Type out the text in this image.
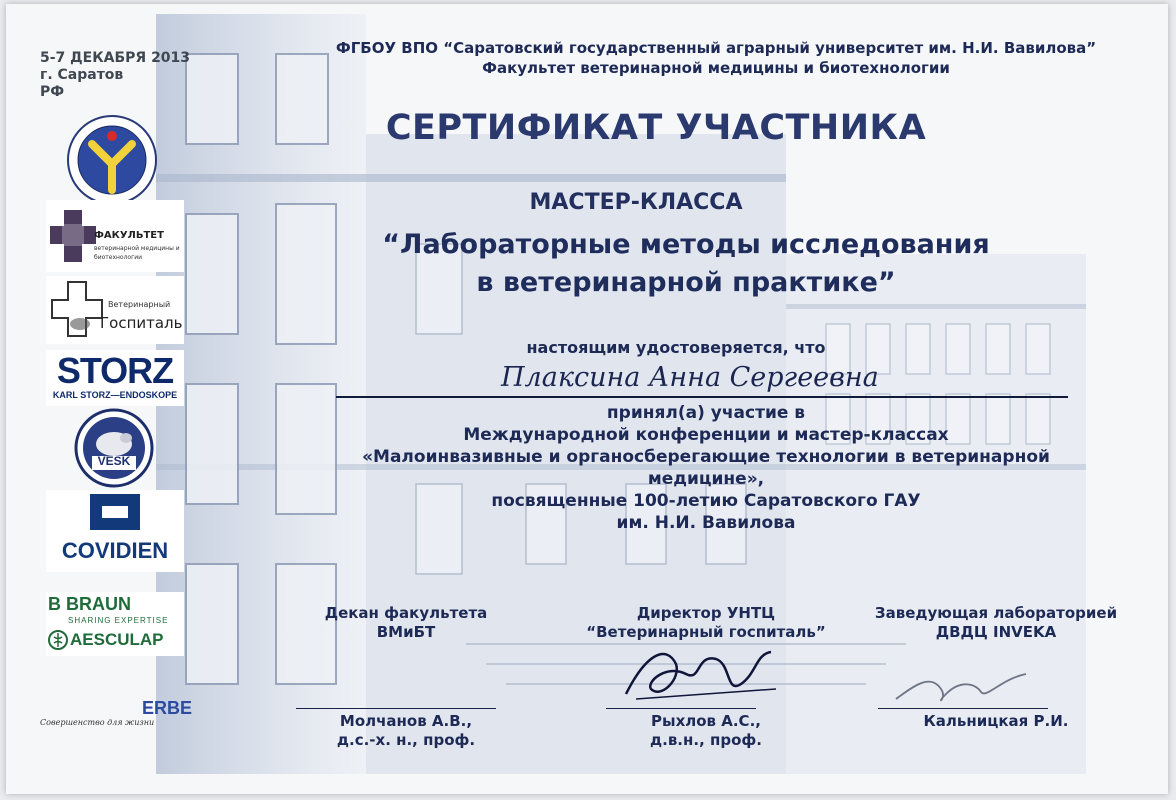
5-7 ДЕКАБРЯ 2013
г. Саратов
РФ
ФАКУЛЬТЕТ
ветеринарной медицины и
биотехнологии
Ветеринарный
Госпиталь
STORZ
KARL STORZ—ENDOSKOPE
VESK
COVIDIEN
B BRAUN
SHARING EXPERTISE
AESCULAP
Совершенство для жизни
ERBE
ФГБОУ ВПО “Саратовский государственный аграрный университет им. Н.И. Вавилова”
Факультет ветеринарной медицины и биотехнологии
СЕРТИФИКАТ УЧАСТНИКА
МАСТЕР-КЛАССА
“Лабораторные методы исследования
в ветеринарной практике”
настоящим удостоверяется, что
Плаксина Анна Сергеевна
принял(а) участие в
Международной конференции и мастер-классах
«Малоинвазивные и органосберегающие технологии в ветеринарной
медицине»,
посвященные 100-летию Саратовского ГАУ
им. Н.И. Вавилова
Декан факультета
ВМиБТ
Молчанов А.В.,
д.с.-х. н., проф.
Директор УНТЦ
“Ветеринарный госпиталь”
Рыхлов А.С.,
д.в.н., проф.
Заведующая лабораторией
ДВДЦ INVEKA
Кальницкая Р.И.
